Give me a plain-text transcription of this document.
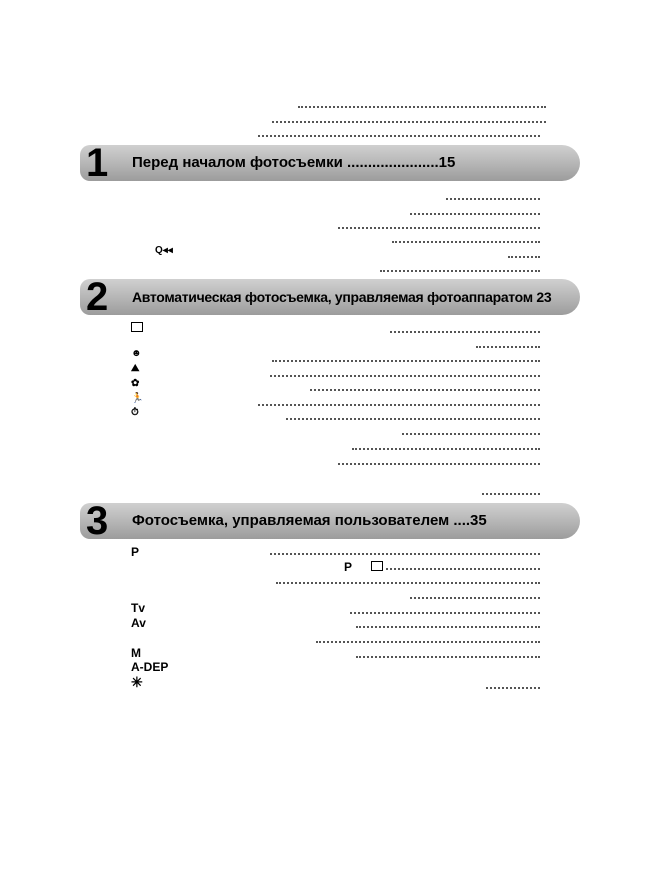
1 Перед началом фотосъемки ......................15
Q◂◂
2 Автоматическая фотосъемка, управляемая фотоаппаратом 23
☻
⛰
✿
🏃
⏱
3 Фотосъемка, управляемая пользователем ....35
P
P
Tv
Av
M
A-DEP
✳
